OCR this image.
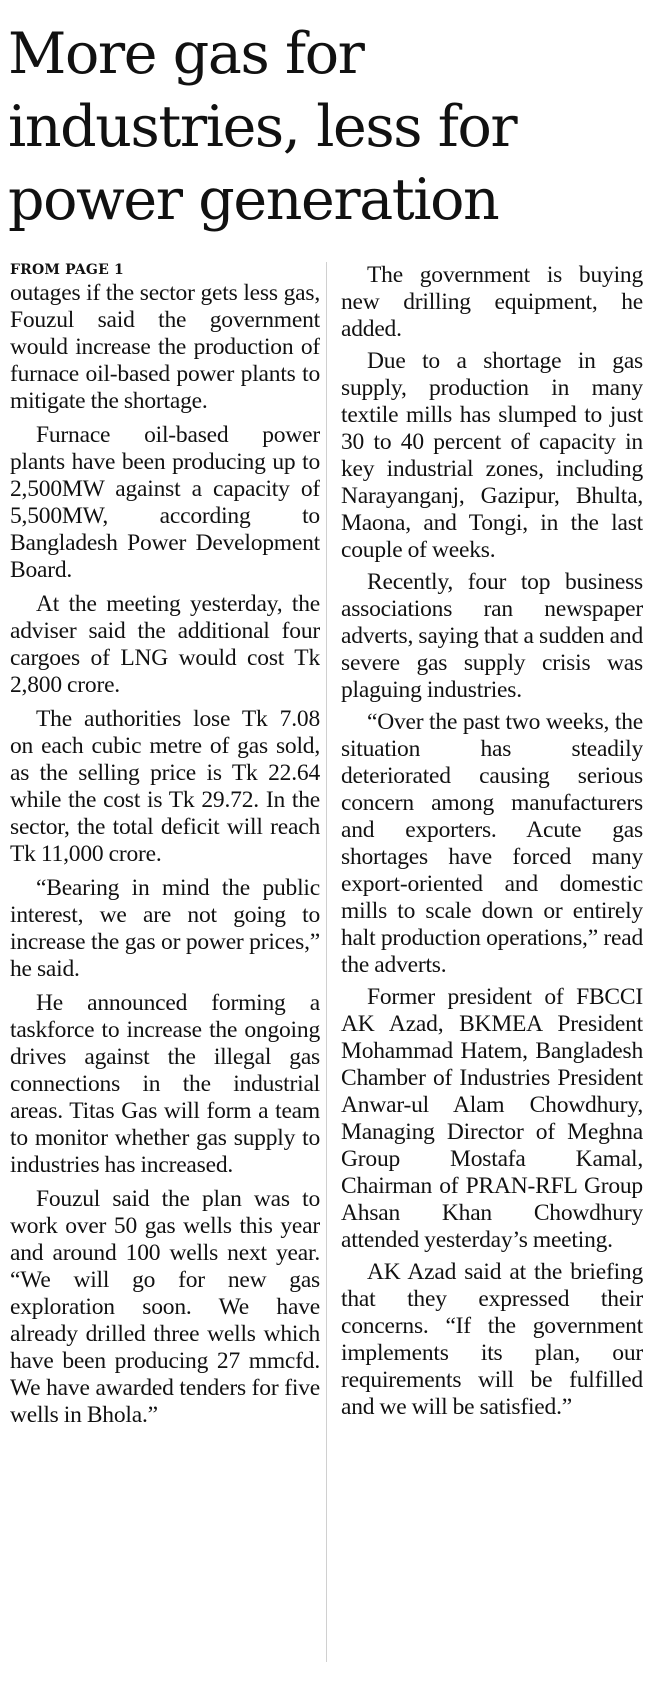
More gas for
industries, less for
power generation
FROM PAGE 1

outages if the sector gets less gas, Fouzul said the government would increase the production of furnace oil-based power plants to mitigate the shortage.

Furnace oil-based power plants have been producing up to 2,500MW against a capacity of 5,500MW, according to Bangladesh Power Development Board.

At the meeting yesterday, the adviser said the additional four cargoes of LNG would cost Tk 2,800 crore.

The authorities lose Tk 7.08 on each cubic metre of gas sold, as the selling price is Tk 22.64 while the cost is Tk 29.72. In the sector, the total deficit will reach Tk 11,000 crore.

“Bearing in mind the public interest, we are not going to increase the gas or power prices,” he said.

He announced forming a taskforce to increase the ongoing drives against the illegal gas connections in the industrial areas. Titas Gas will form a team to monitor whether gas supply to industries has increased.

Fouzul said the plan was to work over 50 gas wells this year and around 100 wells next year. “We will go for new gas exploration soon. We have already drilled three wells which have been producing 27 mmcfd. We have awarded tenders for five wells in Bhola.”

The government is buying new drilling equipment, he added.

Due to a shortage in gas supply, production in many textile mills has slumped to just 30 to 40 percent of capacity in key industrial zones, including Narayanganj, Gazipur, Bhulta, Maona, and Tongi, in the last couple of weeks.

Recently, four top business associations ran newspaper adverts, saying that a sudden and severe gas supply crisis was plaguing industries.

“Over the past two weeks, the situation has steadily deteriorated causing serious concern among manufacturers and exporters. Acute gas shortages have forced many export-oriented and domestic mills to scale down or entirely halt production operations,” read the adverts.

Former president of FBCCI AK Azad, BKMEA President Mohammad Hatem, Bangladesh Chamber of Industries President Anwar-ul Alam Chowdhury, Managing Director of Meghna Group Mostafa Kamal, Chairman of PRAN-RFL Group Ahsan Khan Chowdhury attended yesterday’s meeting.

AK Azad said at the briefing that they expressed their concerns. “If the government implements its plan, our requirements will be fulfilled and we will be satisfied.”
